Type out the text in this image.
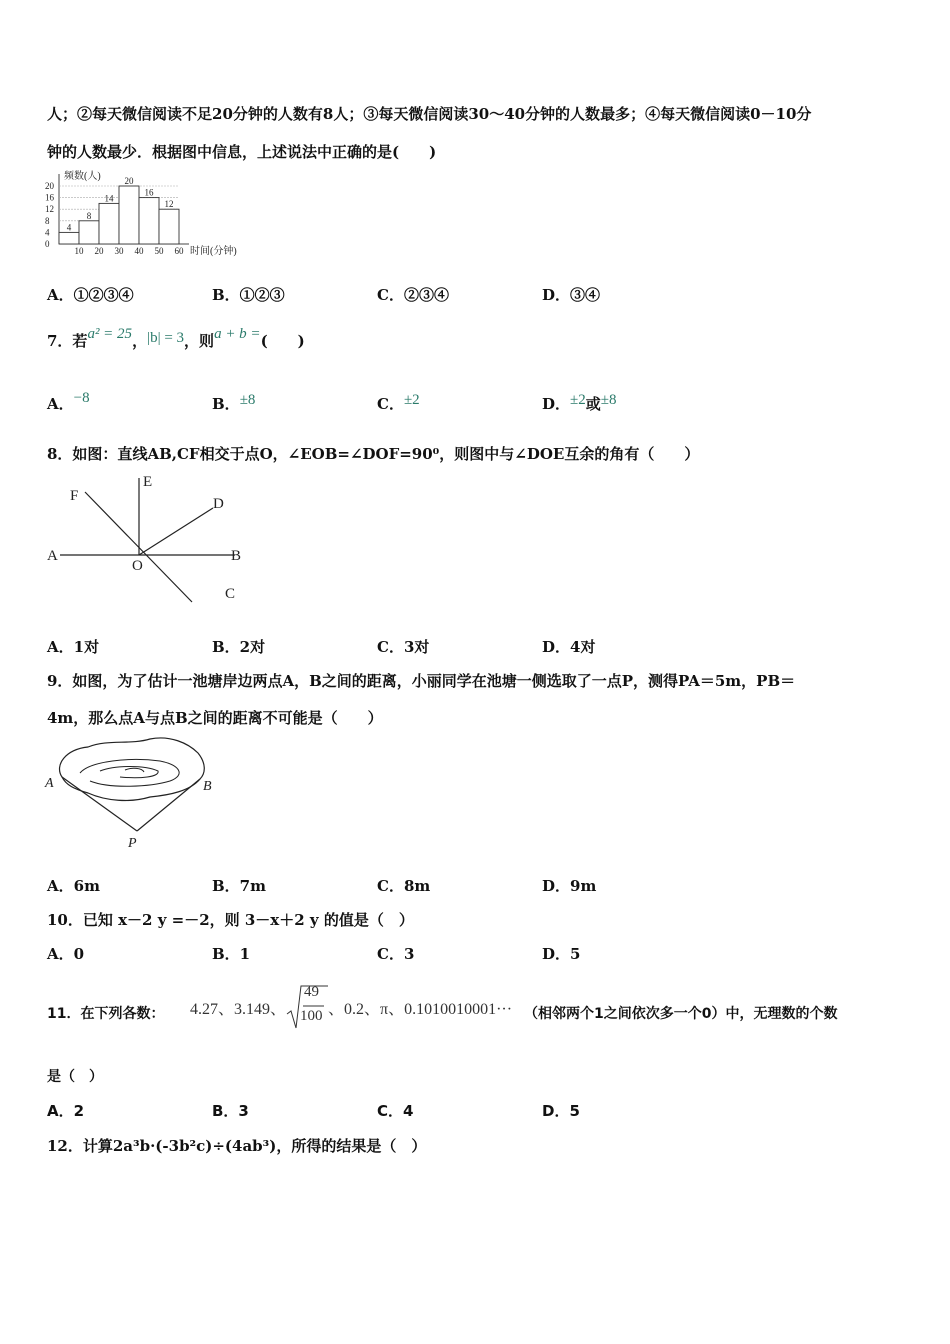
人；②每天微信阅读不足20分钟的人数有8人；③每天微信阅读30～40分钟的人数最多；④每天微信阅读0－10分
钟的人数最少．根据图中信息，上述说法中正确的是(　　)
频数(人)
20
16
12
8
4
0
4
10
8
20
14
30
20
40
16
50
12
60 时间(分钟)
A．①②③④	B．①②③	C．②③④	D．③④
7．若a² = 25，|b| = 3，则a + b =(　　)
A．−8	B．±8	C．±2	D．±2或±8
8．如图：直线AB,CF相交于点O，∠EOB=∠DOF=90⁰，则图中与∠DOE互余的角有（　　）
F
E
D
A
O
B
C
A．1对	B．2对	C．3对	D．4对
9．如图，为了估计一池塘岸边两点A，B之间的距离，小丽同学在池塘一侧选取了一点P，测得PA＝5m，PB＝
4m，那么点A与点B之间的距离不可能是（　　）
A	B
P
A．6m	B．7m	C．8m	D．9m
10．已知 x－2 y =－2，则 3－x＋2 y 的值是（　）
A．0	B．1	C．3	D．5
11．在下列各数： 4.27、3.149、
49
100 、0.2、π、0.1010010001··· （相邻两个1之间依次多一个0）中，无理数的个数
是（　）
A．2	B．3	C．4	D．5
12．计算2a³b·(-3b²c)÷(4ab³)，所得的结果是（　）
